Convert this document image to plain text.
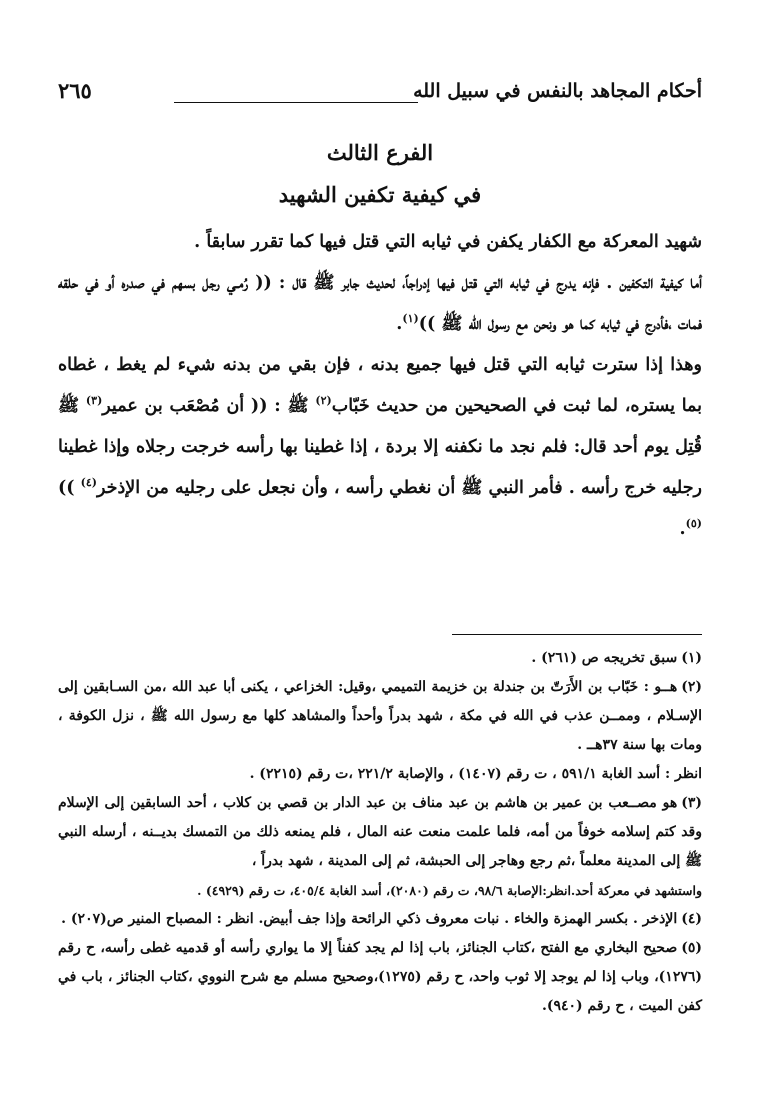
أحكام المجاهد بالنفس في سبيل الله
٢٦٥
الفرع الثالث
في كيفية تكفين الشهيد

شهيد المعركة مع الكفار يكفن في ثيابه التي قتل فيها كما تقرر سابقاً .

أما كيفية التكفين . فإنه يدرج في ثيابه التي قتل فيها إدراجاً، لحديث جابر ﷺ قال : (( رُمـي رجل بسهم في صدره أو في حلقه فمات ،فأدرج في ثيابه كما هو ونحن مع رسول الله ﷺ ))$^{(١)}$.

وهذا إذا سترت ثيابه التي قتل فيها جميع بدنه ، فإن بقي من بدنه شيء لم يغط ، غطاه بما يستره، لما ثبت في الصحيحين من حديث خَبّاب$^{(٢)}$ ﷺ : (( أن مُصْعَب بن عمير$^{(٣)}$ ﷺ قُتِل يوم أحد قال: فلم نجد ما نكفنه إلا بردة ، إذا غطينا بها رأسه خرجت رجلاه وإذا غطينا رجليه خرج رأسه . فأمر النبي ﷺ أن نغطي رأسه ، وأن نجعل على رجليه من الإذخر$^{(٤)}$ ))$^{(٥)}$.

(١)سبق تخريجه ص (٢٦١) .

(٢)هــو : خَبّاب بن الأَرَتّ بن جندلة بن خزيمة التميمي ،وقيل: الخزاعي ، يكنى أبا عبد الله ،من السـابقين إلى الإسـلام ، وممــن عذب في الله في مكة ، شهد بدراً وأحداً والمشاهد كلها مع رسول الله ﷺ ، نزل الكوفة ، ومات بها سنة ٣٧هــ .

انظر : أسد الغابة ٥٩١/١ ، ت رقم (١٤٠٧) ، والإصابة ٢٢١/٢ ،ت رقم (٢٢١٥) .

(٣)هو مصــعب بن عمير بن هاشم بن عبد مناف بن عبد الدار بن قصي بن كلاب ، أحد السابقين إلى الإسلام وقد كتم إسلامه خوفاً من أمه، فلما علمت منعت عنه المال ، فلم يمنعه ذلك من التمسك بديــنه ، أرسله النبي ﷺ إلى المدينة معلماً ،ثم رجع وهاجر إلى الحبشة، ثم إلى المدينة ، شهد بدراً ،

واستشهد في معركة أحد.انظر:الإصابة ٩٨/٦، ت رقم (٢٠٨٠)، أسد الغابة ٤٠٥/٤، ت رقم (٤٩٢٩) .

(٤)الإذخر . بكسر الهمزة والخاء . نبات معروف ذكي الرائحة وإذا جف أبيض. انظر : المصباح المنير ص(٢٠٧) .

(٥)صحيح البخاري مع الفتح ،كتاب الجنائز، باب إذا لم يجد كفناً إلا ما يواري رأسه أو قدميه غطى رأسه، ح رقم (١٢٧٦)، وباب إذا لم يوجد إلا ثوب واحد، ح رقم (١٢٧٥)،وصحيح مسلم مع شرح النووي ،كتاب الجنائز ، باب في كفن الميت ، ح رقم (٩٤٠).
